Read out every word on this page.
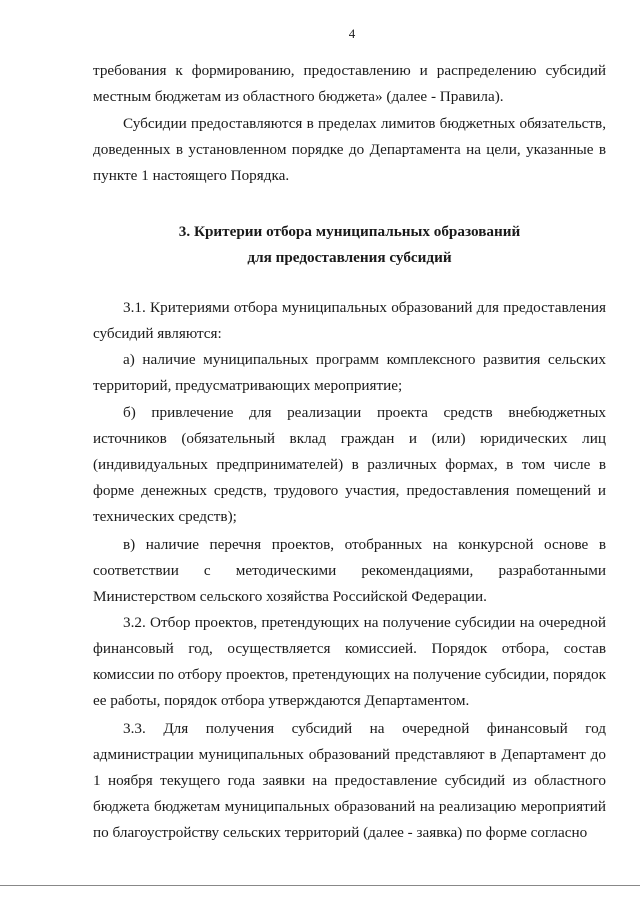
4

требования к формированию, предоставлению и распределению субсидий местным бюджетам из областного бюджета» (далее - Правила).

Субсидии предоставляются в пределах лимитов бюджетных обязательств, доведенных в установленном порядке до Департамента на цели, указанные в пункте 1 настоящего Порядка.

3. Критерии отбора муниципальных образований

для предоставления субсидий

3.1. Критериями отбора муниципальных образований для предоставления субсидий являются:

а) наличие муниципальных программ комплексного развития сельских территорий, предусматривающих мероприятие;

б) привлечение для реализации проекта средств внебюджетных источников (обязательный вклад граждан и (или) юридических лиц (индивидуальных предпринимателей) в различных формах, в том числе в форме денежных средств, трудового участия, предоставления помещений и технических средств);

в) наличие перечня проектов, отобранных на конкурсной основе в соответствии с методическими рекомендациями, разработанными Министерством сельского хозяйства Российской Федерации.

3.2. Отбор проектов, претендующих на получение субсидии на очередной финансовый год, осуществляется комиссией. Порядок отбора, состав комиссии по отбору проектов, претендующих на получение субсидии, порядок ее работы, порядок отбора утверждаются Департаментом.

3.3. Для получения субсидий на очередной финансовый год администрации муниципальных образований представляют в Департамент до 1 ноября текущего года заявки на предоставление субсидий из областного бюджета бюджетам муниципальных образований на реализацию мероприятий по благоустройству сельских территорий (далее - заявка) по форме согласно
